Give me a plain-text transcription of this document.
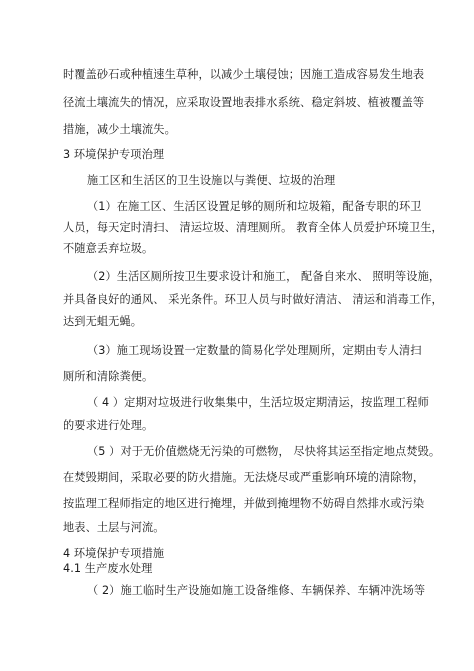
时覆盖砂石或种植速生草种，以减少土壤侵蚀；因施工造成容易发生地表

径流土壤流失的情况，应采取设置地表排水系统、稳定斜坡、植被覆盖等

措施，减少土壤流失。

3 环境保护专项治理

施工区和生活区的卫生设施以与粪便、垃圾的治理

（1）在施工区、生活区设置足够的厕所和垃圾箱，配备专职的环卫

人员，每天定时清扫、 清运垃圾、清理厕所。 教育全体人员爱护环境卫生，

不随意丢弃垃圾。

（2）生活区厕所按卫生要求设计和施工， 配备自来水、 照明等设施，

并具备良好的通风、 采光条件。环卫人员与时做好清洁、 清运和消毒工作，

达到无蛆无蝇。

（3）施工现场设置一定数量的简易化学处理厕所，定期由专人清扫

厕所和清除粪便。

（ 4 ）定期对垃圾进行收集集中，生活垃圾定期清运，按监理工程师

的要求进行处理。

（5 ）对于无价值燃烧无污染的可燃物， 尽快将其运至指定地点焚毁。

在焚毁期间，采取必要的防火措施。无法烧尽或严重影响环境的清除物，

按监理工程师指定的地区进行掩埋，并做到掩埋物不妨碍自然排水或污染

地表、土层与河流。

4 环境保护专项措施

4.1 生产废水处理

（ 2）施工临时生产设施如施工设备维修、车辆保养、车辆冲洗场等
